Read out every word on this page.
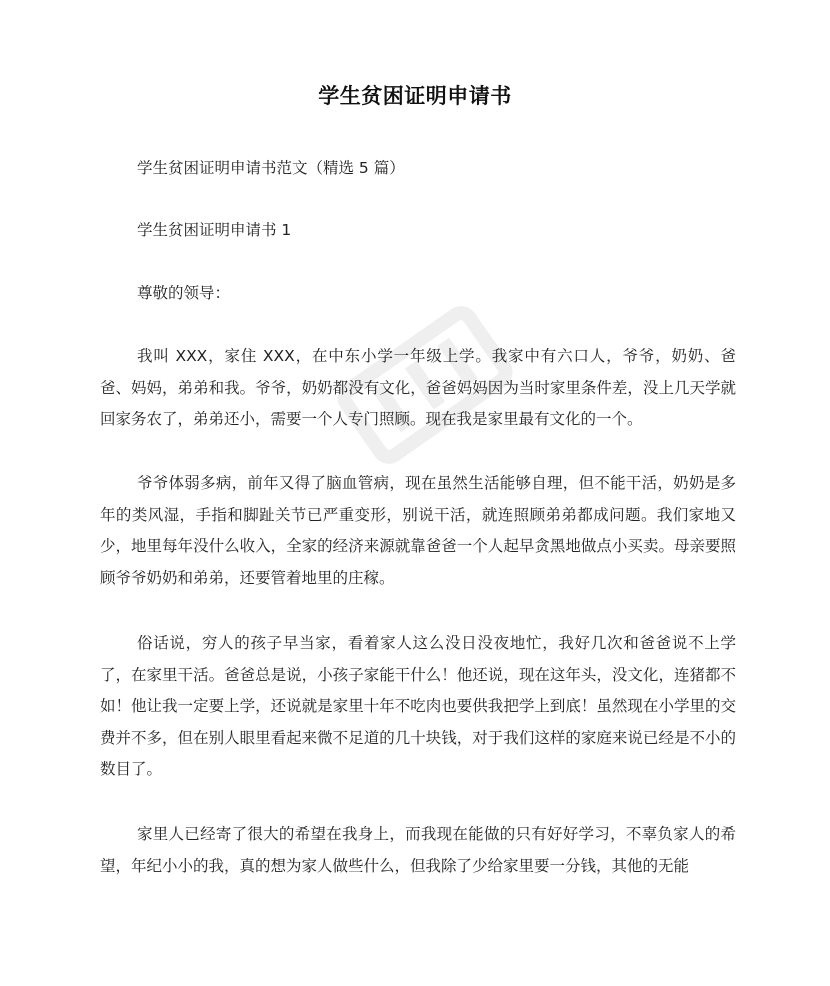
学生贫困证明申请书
学生贫困证明申请书范文（精选 5 篇）
学生贫困证明申请书 1
尊敬的领导：

我叫 XXX，家住 XXX，在中东小学一年级上学。我家中有六口人，爷爷，奶奶、爸爸、妈妈，弟弟和我。爷爷，奶奶都没有文化，爸爸妈妈因为当时家里条件差，没上几天学就回家务农了，弟弟还小，需要一个人专门照顾。现在我是家里最有文化的一个。

爷爷体弱多病，前年又得了脑血管病，现在虽然生活能够自理，但不能干活，奶奶是多年的类风湿，手指和脚趾关节已严重变形，别说干活，就连照顾弟弟都成问题。我们家地又少，地里每年没什么收入，全家的经济来源就靠爸爸一个人起早贪黑地做点小买卖。母亲要照顾爷爷奶奶和弟弟，还要管着地里的庄稼。

俗话说，穷人的孩子早当家，看着家人这么没日没夜地忙，我好几次和爸爸说不上学了，在家里干活。爸爸总是说，小孩子家能干什么！他还说，现在这年头，没文化，连猪都不如！他让我一定要上学，还说就是家里十年不吃肉也要供我把学上到底！虽然现在小学里的交费并不多，但在别人眼里看起来微不足道的几十块钱，对于我们这样的家庭来说已经是不小的数目了。

家里人已经寄了很大的希望在我身上，而我现在能做的只有好好学习，不辜负家人的希望，年纪小小的我，真的想为家人做些什么，但我除了少给家里要一分钱，其他的无能
